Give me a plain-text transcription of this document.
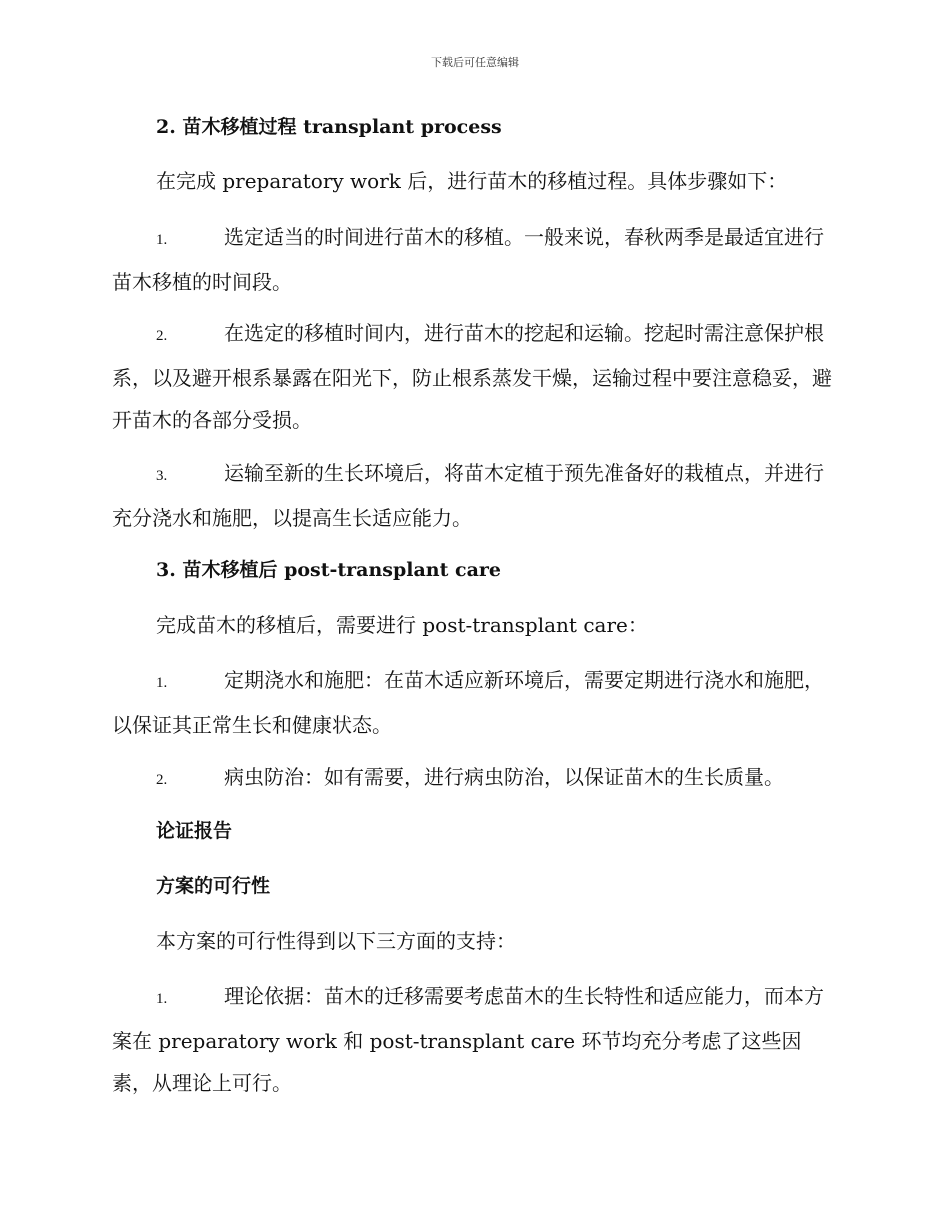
下载后可任意编辑
2. 苗木移植过程 transplant process
在完成 preparatory work 后，进行苗木的移植过程。具体步骤如下：
1.	选定适当的时间进行苗木的移植。一般来说，春秋两季是最适宜进行苗木移植的时间段。
2.	在选定的移植时间内，进行苗木的挖起和运输。挖起时需注意保护根系，以及避开根系暴露在阳光下，防止根系蒸发干燥，运输过程中要注意稳妥，避开苗木的各部分受损。
3.	运输至新的生长环境后，将苗木定植于预先准备好的栽植点，并进行充分浇水和施肥，以提高生长适应能力。
3. 苗木移植后 post-transplant care
完成苗木的移植后，需要进行 post-transplant care：
1.	定期浇水和施肥：在苗木适应新环境后，需要定期进行浇水和施肥，以保证其正常生长和健康状态。
2.	病虫防治：如有需要，进行病虫防治，以保证苗木的生长质量。
论证报告
方案的可行性
本方案的可行性得到以下三方面的支持：
1.	理论依据：苗木的迁移需要考虑苗木的生长特性和适应能力，而本方案在 preparatory work 和 post-transplant care 环节均充分考虑了这些因素，从理论上可行。
